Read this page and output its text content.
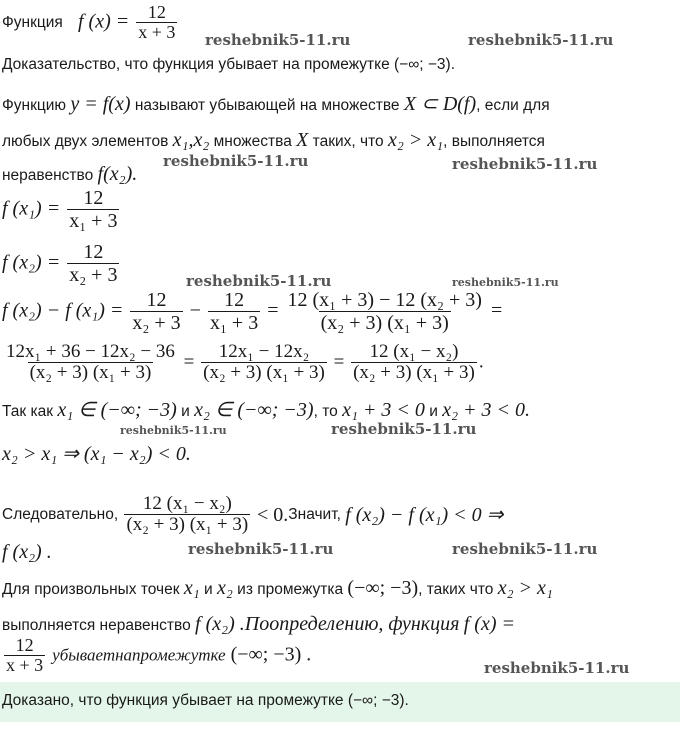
Функция f $(x) = \frac{12}{x + 3}$
Доказательство, что функция убывает на промежутке (−∞; −3).
Функцию y = f(x) называют убывающей на множестве X ⊂ D(f), если для
любых двух элементов x₁,x₂ множества X таких, что x₂ > x₁, выполняется
неравенство f(x₂).
f $(x_1) = \frac{12}{\text{x₁ + 3}}$
f $(x_2) = \frac{12}{\text{x₂ + 3}}$
f (x₂) − f $(x_1) = \frac{12}{\text{x₂ + 3}} - \frac{12}{\text{x₁ + 3}} = \frac{\text{12 (x₁ + 3) − 12 (x₂ + 3)}}{\text{(x₂ + 3) (x₁ + 3)}}$ =
$\frac{\text{12x₁ + 36 − 12x₂ − 36}}{\text{(x₂ + 3) (x₁ + 3)}} = \frac{\text{12x₁ − 12x₂}}{\text{(x₂ + 3) (x₁ + 3)}} = \frac{\text{12 (x₁ − x₂)}}{\text{(x₂ + 3) (x₁ + 3)}}$ .
Так как x₁ ∈ (−∞; −3) и x₂ ∈ (−∞; −3), то x₁ + 3 < 0 и x₂ + 3 < 0.
x₂ > x₁ ⇒ (x₁ − x₂) < 0.
Следовательно, $\frac{\text{12 (x₁ − x₂)}}{\text{(x₂ + 3) (x₁ + 3)}}$ < 0.Значит, f (x₂) − f (x₁) < 0 ⇒
f (x₂) .
Для произвольных точек x₁ и x₂ из промежутка (−∞; −3), таких что x₂ > x₁
выполняется неравенство f (x₂) .Поопределению, функция f (x) =
$\frac{12}{x + 3}$ убываетнапромежутке (−∞; −3) .
Доказано, что функция убывает на промежутке (−∞; −3).
reshebnik5-11.ru	reshebnik5-11.ru
reshebnik5-11.ru	reshebnik5-11.ru
reshebnik5-11.ru	reshebnik5-11.ru
reshebnik5-11.ru	reshebnik5-11.ru
reshebnik5-11.ru	reshebnik5-11.ru
reshebnik5-11.ru
